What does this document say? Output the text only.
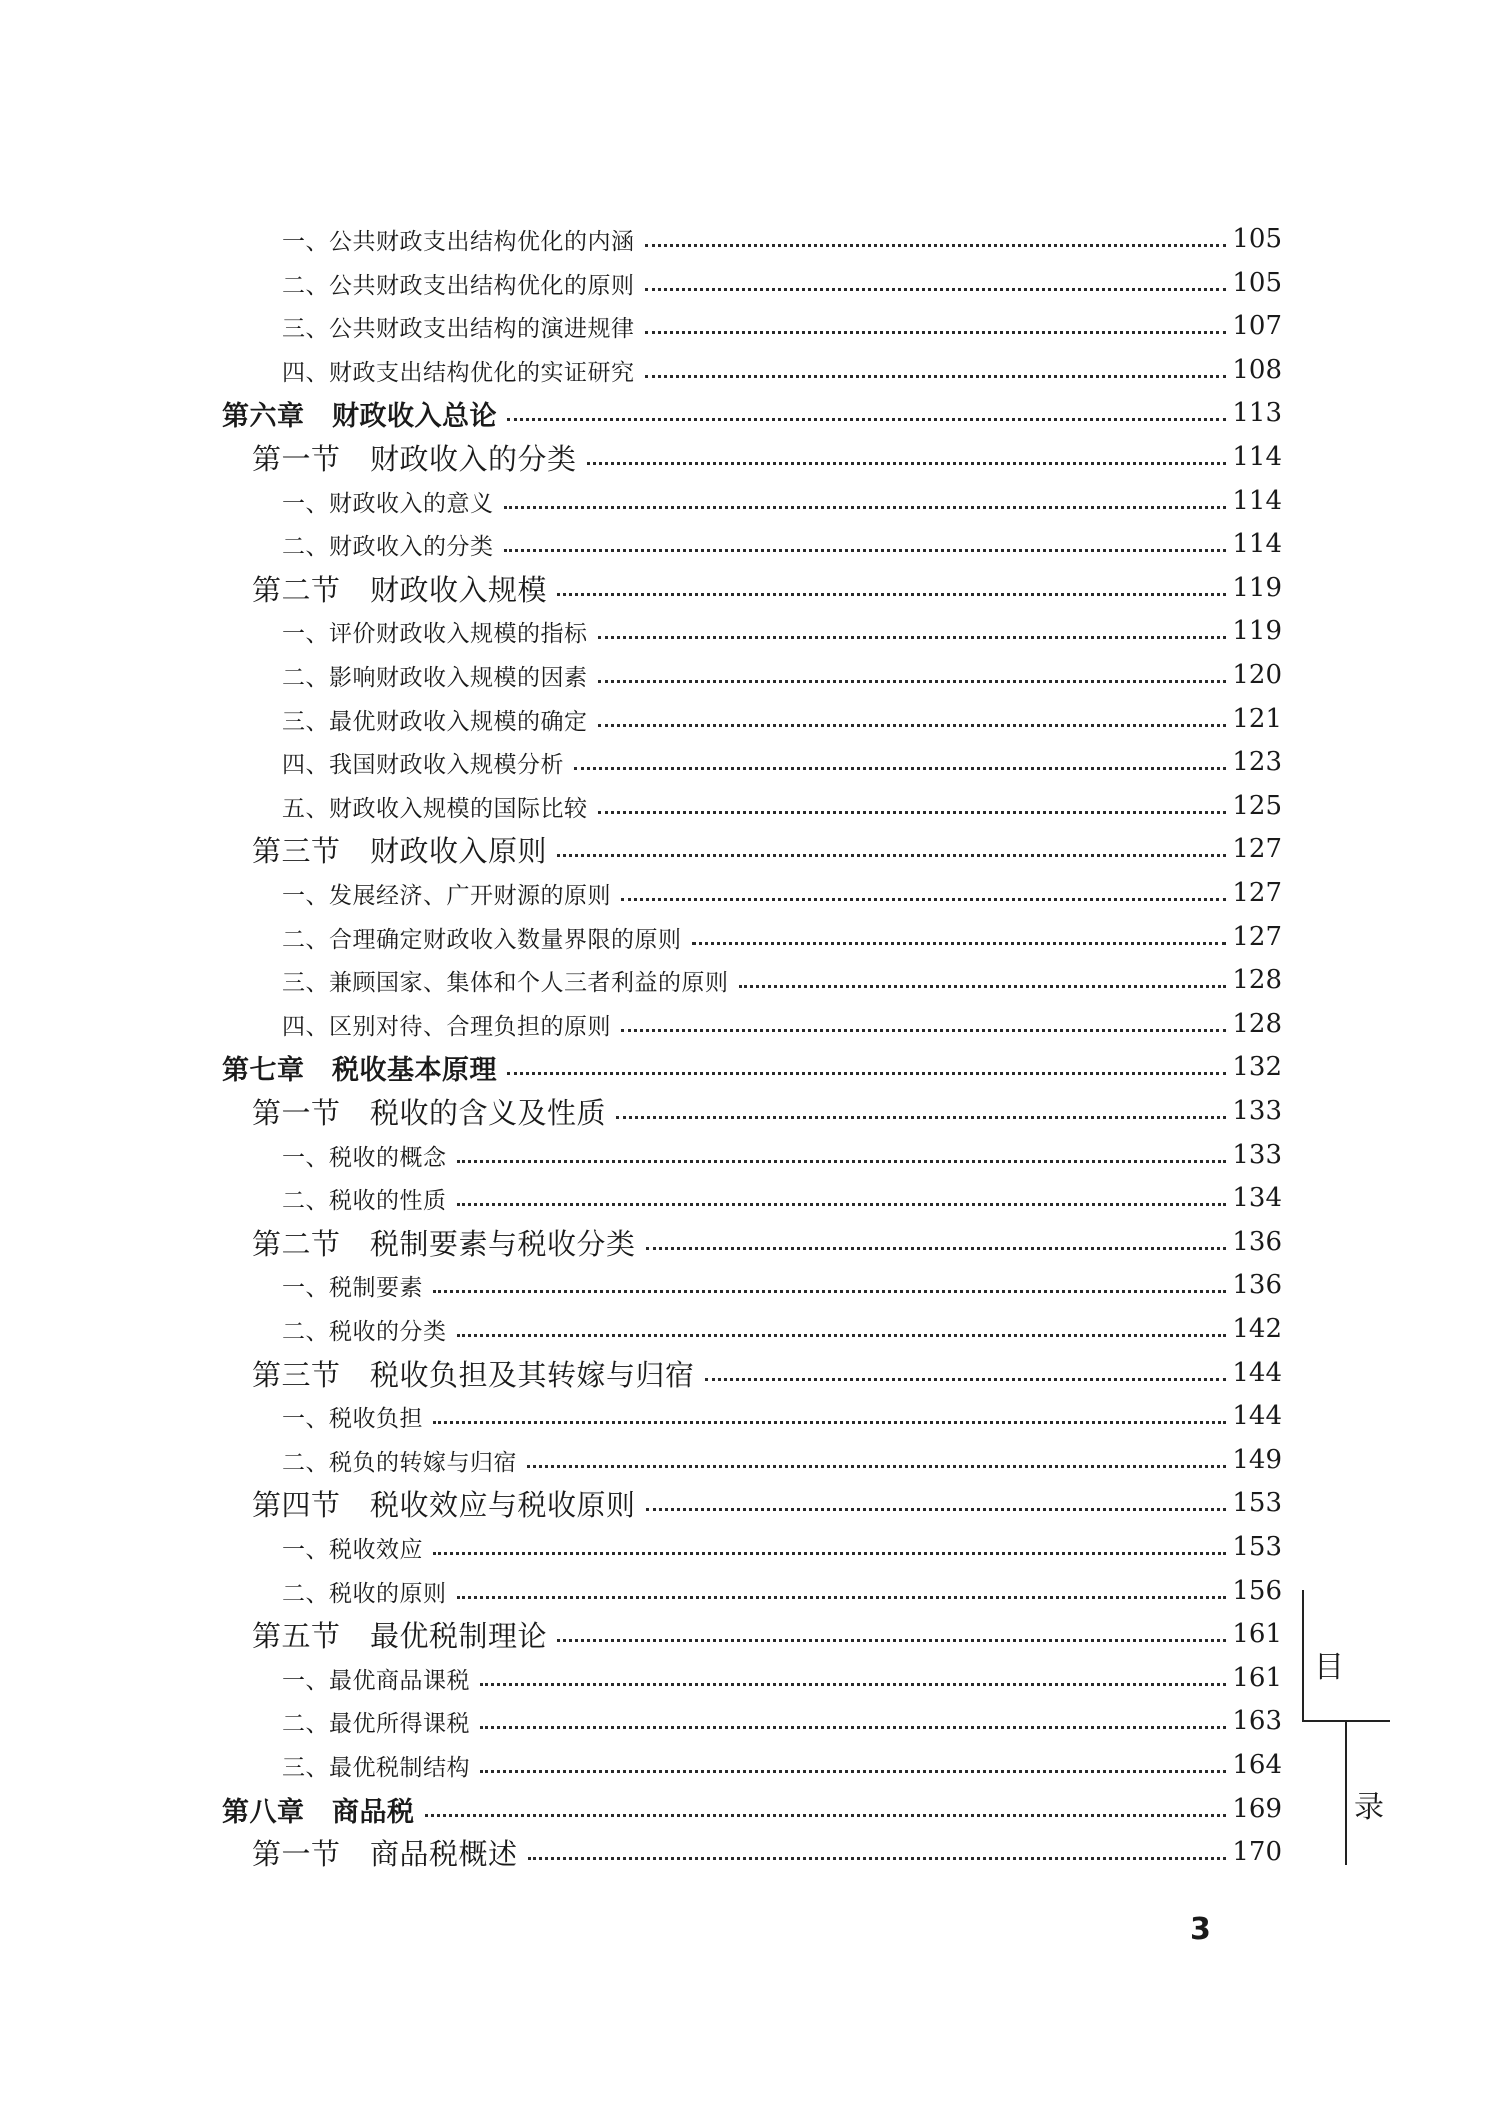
一、公共财政支出结构优化的内涵	105
二、公共财政支出结构优化的原则	105
三、公共财政支出结构的演进规律	107
四、财政支出结构优化的实证研究	108
第六章　财政收入总论	113
第一节　财政收入的分类	114
一、财政收入的意义	114
二、财政收入的分类	114
第二节　财政收入规模	119
一、评价财政收入规模的指标	119
二、影响财政收入规模的因素	120
三、最优财政收入规模的确定	121
四、我国财政收入规模分析	123
五、财政收入规模的国际比较	125
第三节　财政收入原则	127
一、发展经济、广开财源的原则	127
二、合理确定财政收入数量界限的原则	127
三、兼顾国家、集体和个人三者利益的原则	128
四、区别对待、合理负担的原则	128
第七章　税收基本原理	132
第一节　税收的含义及性质	133
一、税收的概念	133
二、税收的性质	134
第二节　税制要素与税收分类	136
一、税制要素	136
二、税收的分类	142
第三节　税收负担及其转嫁与归宿	144
一、税收负担	144
二、税负的转嫁与归宿	149
第四节　税收效应与税收原则	153
一、税收效应	153
二、税收的原则	156
第五节　最优税制理论	161
一、最优商品课税	161
二、最优所得课税	163
三、最优税制结构	164
第八章　商品税	169
第一节　商品税概述	170
目
录
3
